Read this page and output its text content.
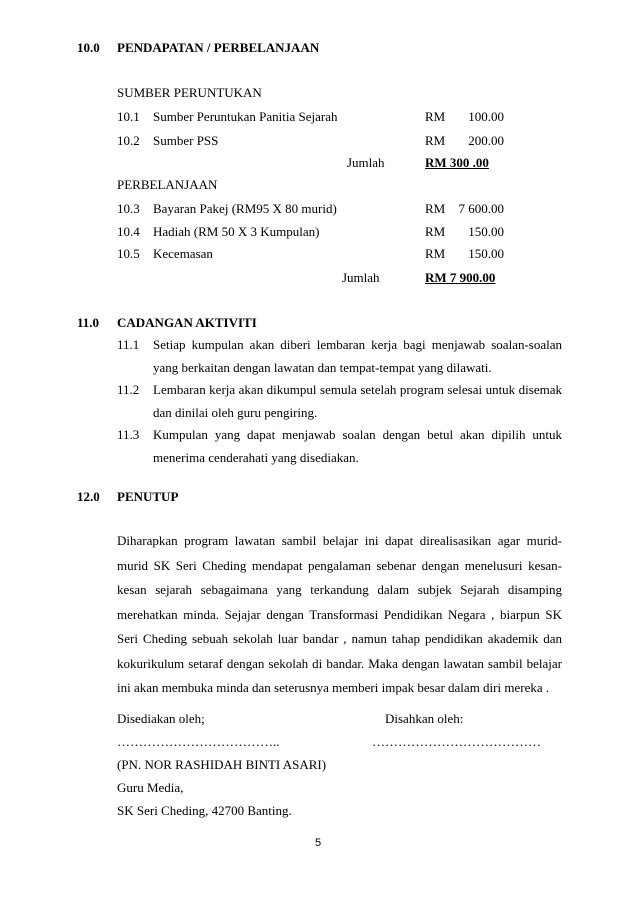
10.0 PENDAPATAN / PERBELANJAAN
SUMBER PERUNTUKAN
10.1 Sumber Peruntukan Panitia Sejarah	RM 100.00
10.2 Sumber PSS	RM 200.00
Jumlah	RM 300 .00
PERBELANJAAN
10.3 Bayaran Pakej (RM95 X 80 murid)	RM 7 600.00
10.4 Hadiah (RM 50 X 3 Kumpulan)	RM 150.00
10.5 Kecemasan	RM 150.00
Jumlah	RM 7 900.00
11.0 CADANGAN AKTIVITI
11.1 Setiap kumpulan akan diberi lembaran kerja bagi menjawab soalan-soalan yang berkaitan dengan lawatan dan tempat-tempat yang dilawati.
11.2 Lembaran kerja akan dikumpul semula setelah program selesai untuk disemak dan dinilai oleh guru pengiring.
11.3 Kumpulan yang dapat menjawab soalan dengan betul akan dipilih untuk menerima cenderahati yang disediakan.
12.0 PENUTUP
Diharapkan program lawatan sambil belajar ini dapat direalisasikan agar murid-murid SK Seri Cheding mendapat pengalaman sebenar dengan menelusuri kesan-kesan sejarah sebagaimana yang terkandung dalam subjek Sejarah disamping merehatkan minda. Sejajar dengan Transformasi Pendidikan Negara , biarpun SK Seri Cheding sebuah sekolah luar bandar , namun tahap pendidikan akademik dan kokurikulum setaraf dengan sekolah di bandar. Maka dengan lawatan sambil belajar ini akan membuka minda dan seterusnya memberi impak besar dalam diri mereka .
Disediakan oleh;	Disahkan oleh:
………………………………..	…………………………………
(PN. NOR RASHIDAH BINTI ASARI)
Guru Media,
SK Seri Cheding, 42700 Banting.
5
